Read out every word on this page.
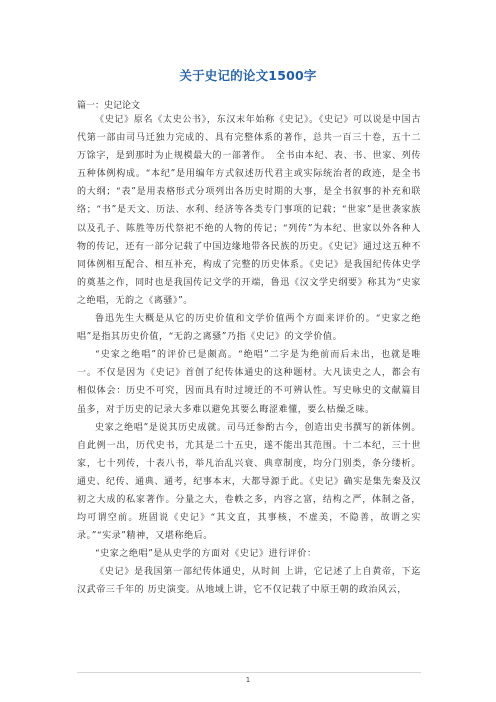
关于史记的论文1500字
篇一：史记论文

《史记》原名《太史公书》，东汉末年始称《史记》。《史记》可以说是中国古代第一部由司马迁独力完成的、具有完整体系的著作，总共一百三十卷，五十二万馀字，是到那时为止规模最大的一部著作。　全书由本纪、表、书、世家、列传五种体例构成。“本纪”是用编年方式叙述历代君主或实际统治者的政迹，是全书的大纲；“表”是用表格形式分项列出各历史时期的大事，是全书叙事的补充和联络；“书”是天文、历法、水利、经济等各类专门事项的记载；“世家”是世袭家族以及孔子、陈胜等历代祭祀不绝的人物的传记；“列传”为本纪、世家以外各种人物的传记，还有一部分记载了中国边缘地带各民族的历史。《史记》通过这五种不同体例相互配合、相互补充，构成了完整的历史体系。《史记》是我国纪传体史学的奠基之作，同时也是我国传记文学的开端，鲁迅《汉文学史纲要》称其为“史家之绝唱，无韵之《离骚》”。

鲁迅先生大概是从它的历史价值和文学价值两个方面来评价的。“史家之绝唱”是指其历史价值，“无韵之离骚”乃指《史记》的文学价值。

“史家之绝唱”的评价已是颇高。“绝唱”二字是为绝前而后未出，也就是唯一。不仅是因为《史记》首创了纪传体通史的这种题材。大凡读史之人，都会有相似体会：历史不可究，因而具有时过境迁的不可辨认性。写史咏史的文献篇目虽多，对于历史的记录大多难以避免其要么晦涩难懂，要么枯燥乏味。

史家之绝唱”是说其历史成就。司马迁参酌古今，创造出史书撰写的新体例。自此例一出，历代史书，尤其是二十五史，遂不能出其范围。十二本纪，三十世家，七十列传，十表八书，举凡治乱兴衰、典章制度，均分门别类，条分缕析。通史、纪传、通典、通考，纪事本末，大都导源于此。《史记》确实是集先秦及汉初之大成的私家著作。分量之大，卷帙之多，内容之富，结构之严，体制之备，均可谓空前。班固说《史记》“其文直，其事核，不虚美，不隐善，故谓之实录。”“实录”精神，又堪称绝后。

“史家之绝唱”是从史学的方面对《史记》进行评价：

《史记》是我国第一部纪传体通史，从时间 上讲，它记述了上自黄帝，下迄汉武帝三千年的 历史演变。从地域上讲，它不仅记载了中原王朝的政治风云，

1
